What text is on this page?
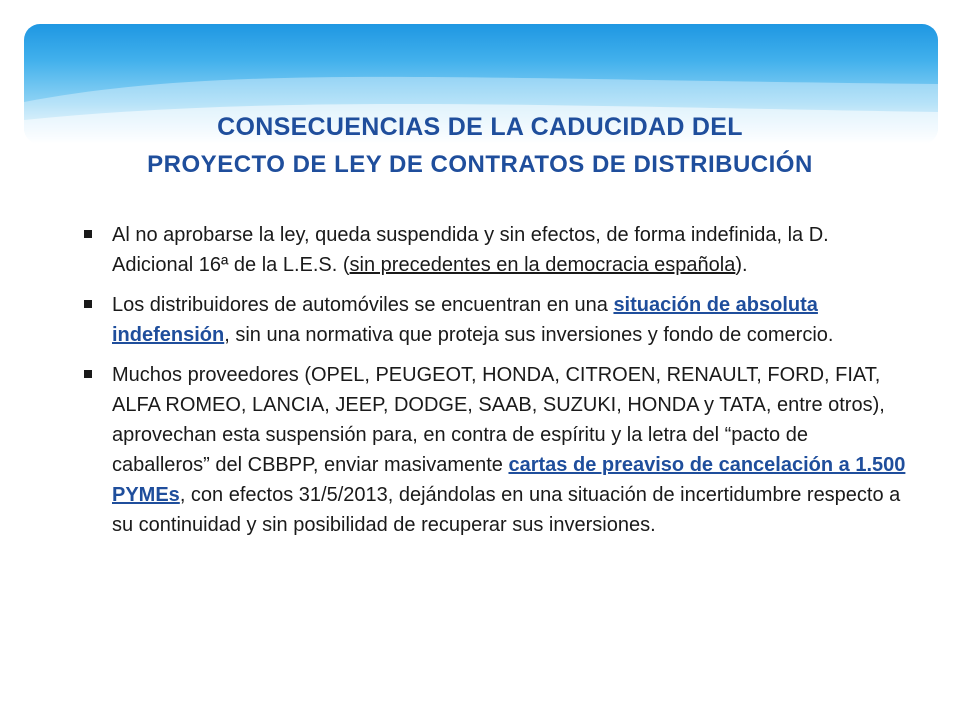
CONSECUENCIAS DE LA CADUCIDAD DEL
PROYECTO DE LEY DE CONTRATOS DE DISTRIBUCIÓN
Al no aprobarse la ley, queda suspendida y sin efectos, de forma indefinida, la D. Adicional 16ª de la L.E.S. (sin precedentes en la democracia española).
Los distribuidores de automóviles se encuentran en una situación de absoluta indefensión, sin una normativa que proteja sus inversiones y fondo de comercio.
Muchos proveedores (OPEL, PEUGEOT, HONDA, CITROEN, RENAULT, FORD, FIAT, ALFA ROMEO, LANCIA, JEEP, DODGE, SAAB, SUZUKI, HONDA y TATA, entre otros), aprovechan esta suspensión para, en contra de espíritu y la letra del “pacto de caballeros” del CBBPP, enviar masivamente cartas de preaviso de cancelación a 1.500 PYMEs, con efectos 31/5/2013, dejándolas en una situación de incertidumbre respecto a su continuidad y sin posibilidad de recuperar sus inversiones.
